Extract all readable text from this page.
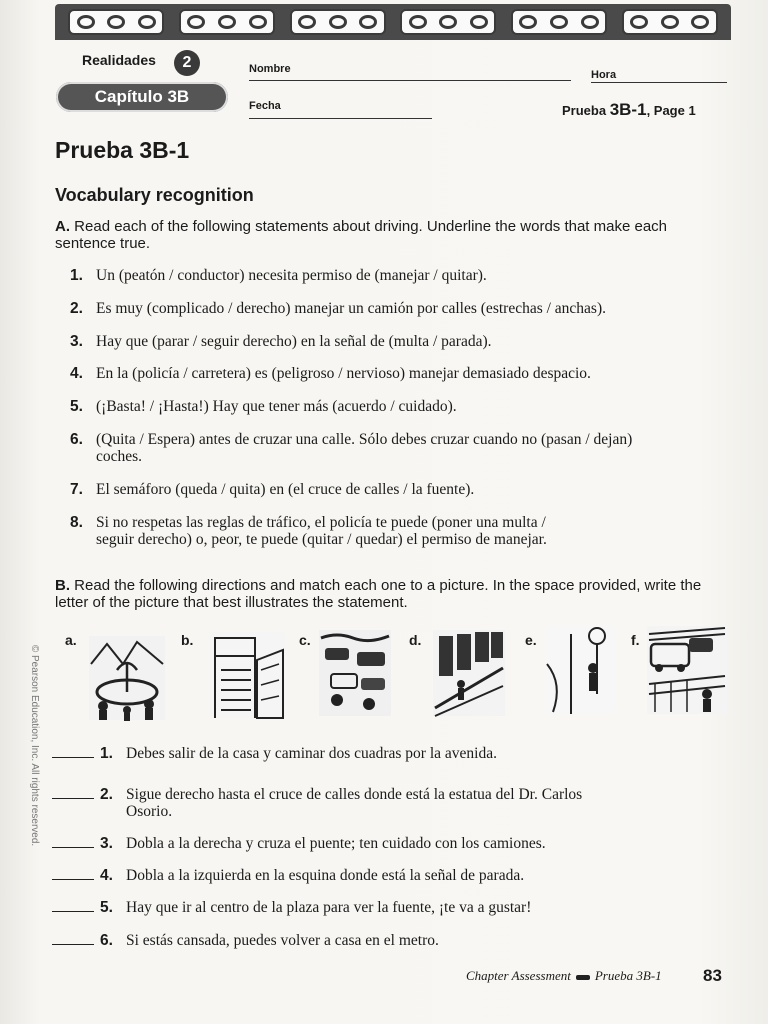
Realidades	2
Capítulo 3B
Nombre	Hora
Fecha	Prueba 3B-1, Page 1
Prueba 3B-1
Vocabulary recognition
A. Read each of the following statements about driving. Underline the words that make each sentence true.
1. Un (peatón / conductor) necesita permiso de (manejar / quitar).
2. Es muy (complicado / derecho) manejar un camión por calles (estrechas / anchas).
3. Hay que (parar / seguir derecho) en la señal de (multa / parada).
4. En la (policía / carretera) es (peligroso / nervioso) manejar demasiado despacio.
5. (¡Basta! / ¡Hasta!) Hay que tener más (acuerdo / cuidado).
6. (Quita / Espera) antes de cruzar una calle. Sólo debes cruzar cuando no (pasan / dejan)
coches.
7. El semáforo (queda / quita) en (el cruce de calles / la fuente).
8. Si no respetas las reglas de tráfico, el policía te puede (poner una multa /
seguir derecho) o, peor, te puede (quitar / quedar) el permiso de manejar.
B. Read the following directions and match each one to a picture. In the space provided, write the letter of the picture that best illustrates the statement.
a.	b.	c.	d.	e.	f.
1. Debes salir de la casa y caminar dos cuadras por la avenida.
2. Sigue derecho hasta el cruce de calles donde está la estatua del Dr. Carlos
Osorio.
3. Dobla a la derecha y cruza el puente; ten cuidado con los camiones.
4. Dobla a la izquierda en la esquina donde está la señal de parada.
5. Hay que ir al centro de la plaza para ver la fuente, ¡te va a gustar!
6. Si estás cansada, puedes volver a casa en el metro.
Chapter Assessment Prueba 3B-1 83
© Pearson Education, Inc. All rights reserved.
